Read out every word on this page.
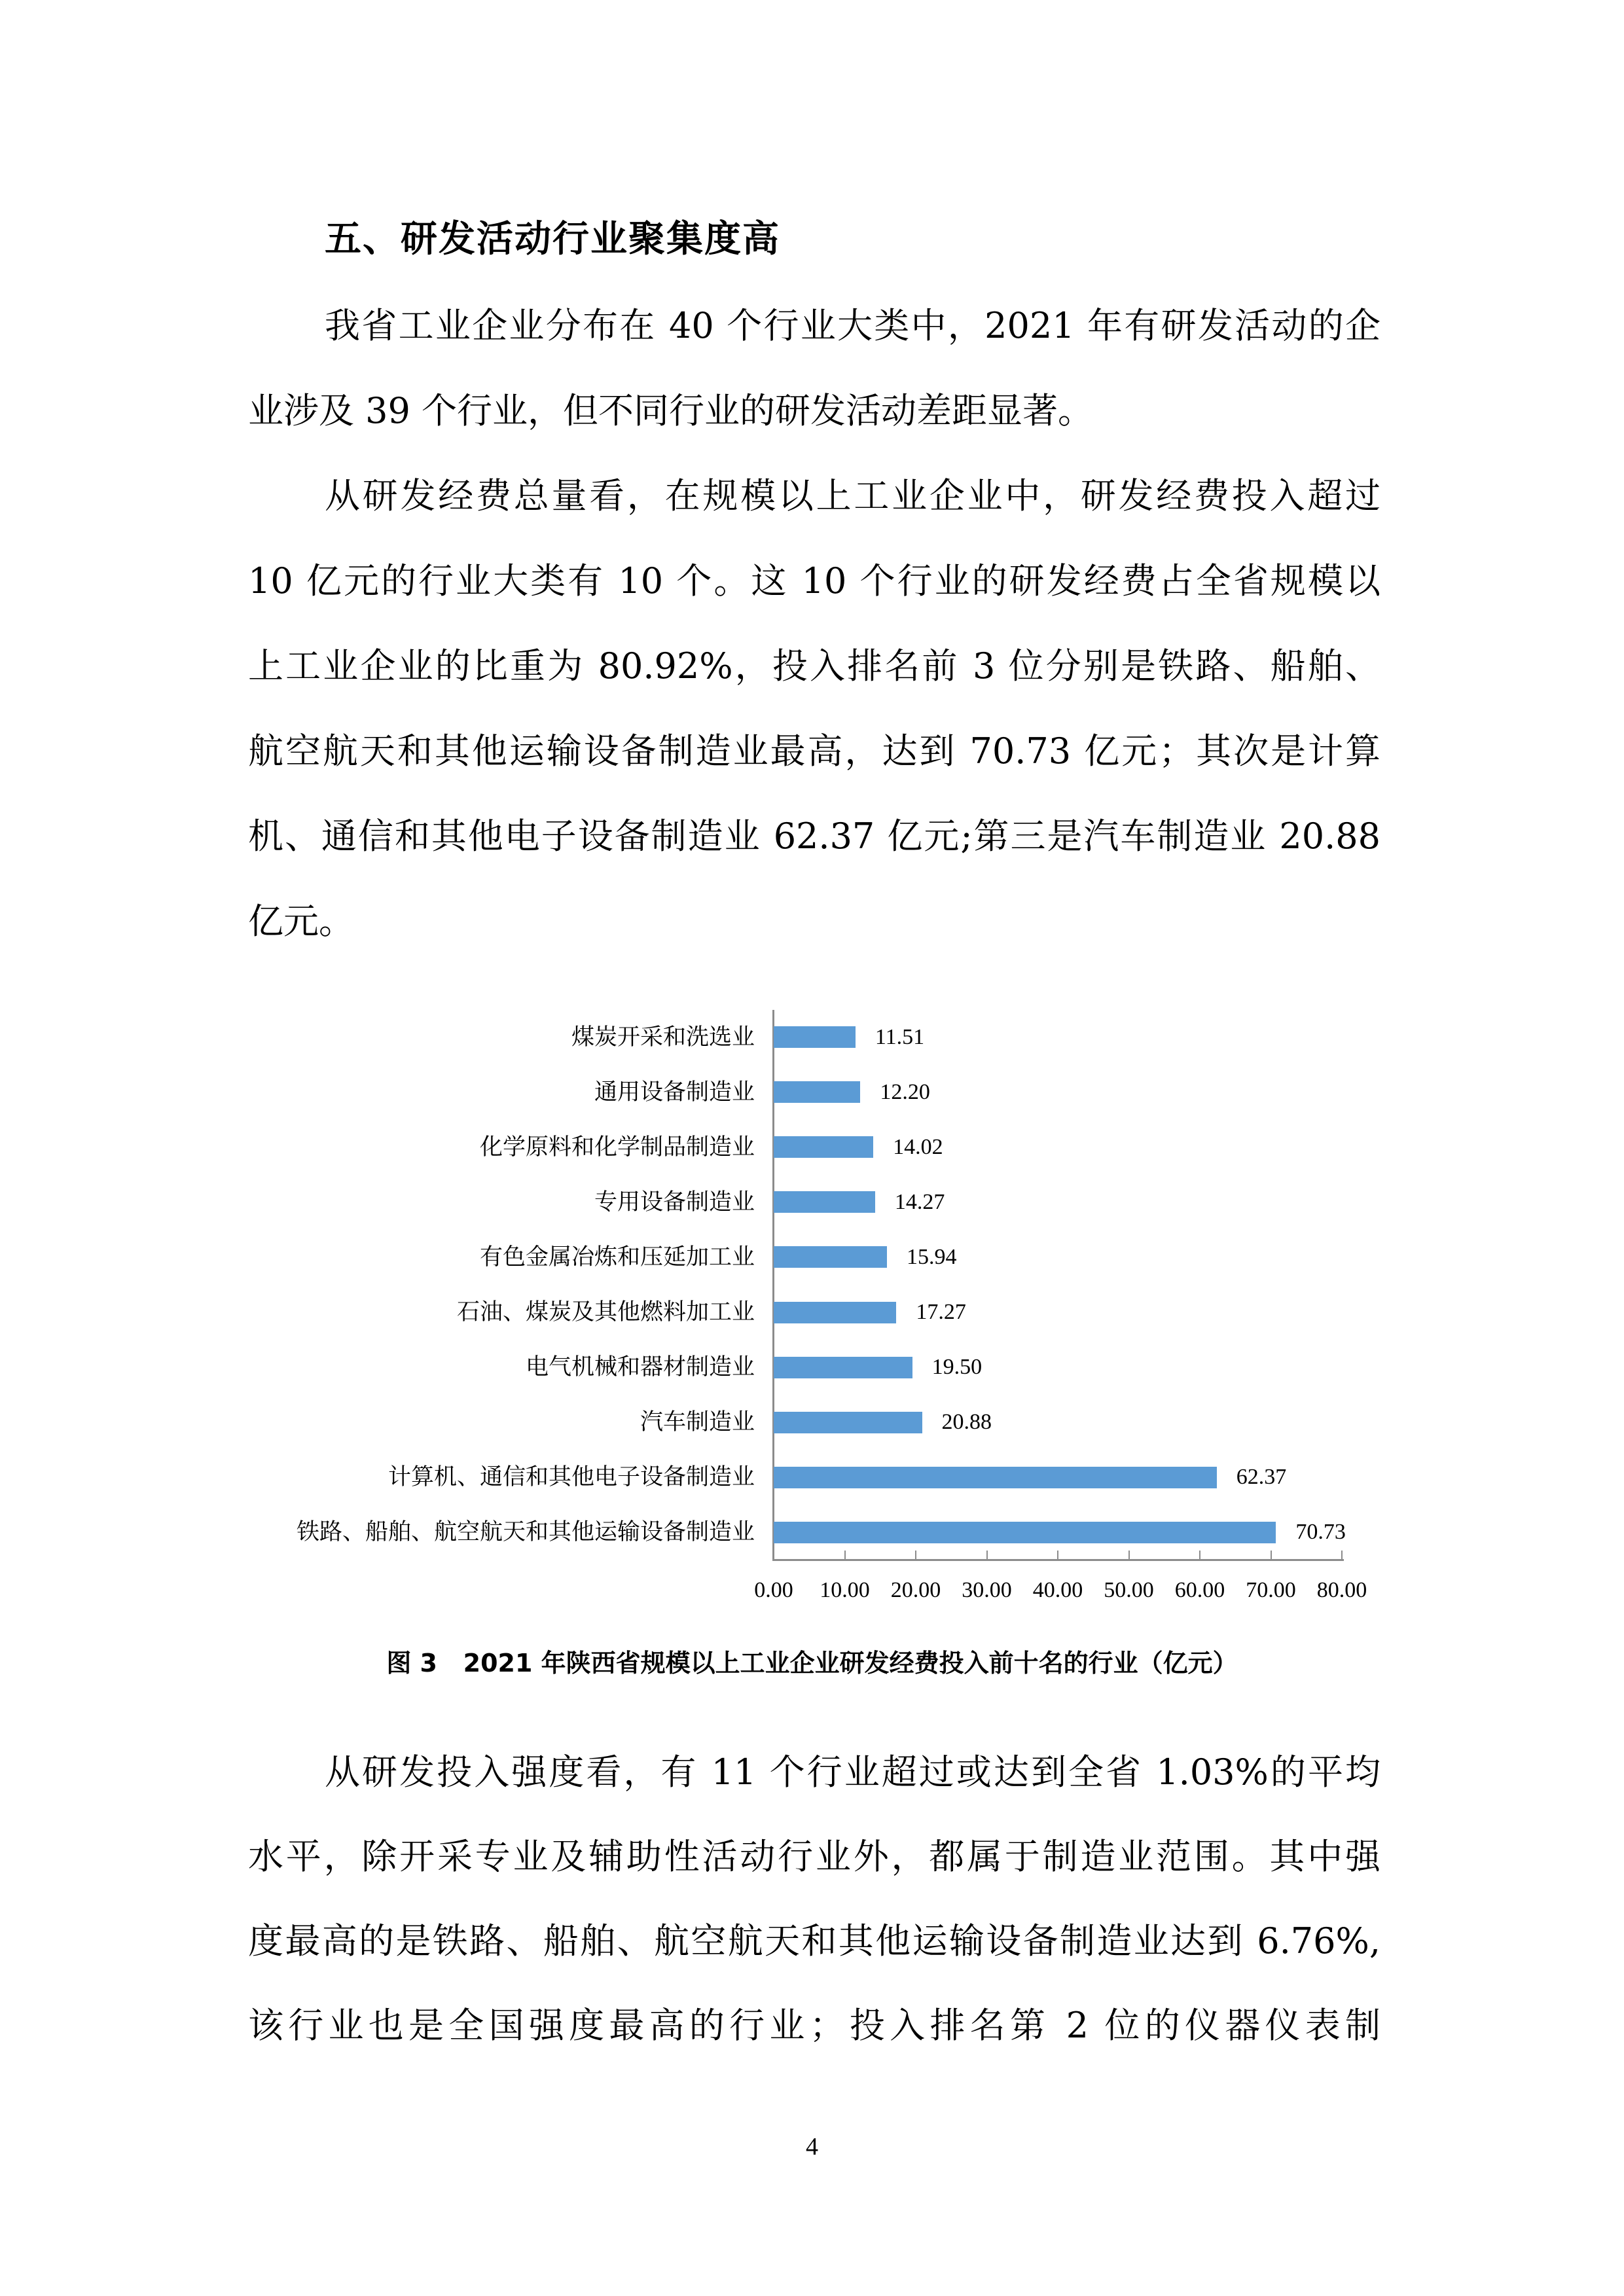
五、研发活动行业聚集度高
我省工业企业分布在 40 个行业大类中，2021 年有研发活动的企
业涉及 39 个行业，但不同行业的研发活动差距显著。
从研发经费总量看，在规模以上工业企业中，研发经费投入超过
10 亿元的行业大类有 10 个。这 10 个行业的研发经费占全省规模以
上工业企业的比重为 80.92%，投入排名前 3 位分别是铁路、船舶、
航空航天和其他运输设备制造业最高，达到 70.73 亿元；其次是计算
机、通信和其他电子设备制造业 62.37 亿元;第三是汽车制造业 20.88
亿元。
煤炭开采和洗选业	11.51
通用设备制造业	12.20
化学原料和化学制品制造业	14.02
专用设备制造业	14.27
有色金属冶炼和压延加工业	15.94
石油、煤炭及其他燃料加工业	17.27
电气机械和器材制造业	19.50
汽车制造业	20.88
计算机、通信和其他电子设备制造业	62.37
铁路、船舶、航空航天和其他运输设备制造业	70.73
0.00	10.00 20.00 30.00 40.00 50.00 60.00 70.00 80.00
图 3   2021 年陕西省规模以上工业企业研发经费投入前十名的行业（亿元）
从研发投入强度看，有 11 个行业超过或达到全省 1.03%的平均
水平，除开采专业及辅助性活动行业外，都属于制造业范围。其中强
度最高的是铁路、船舶、航空航天和其他运输设备制造业达到 6.76%,
该行业也是全国强度最高的行业；投入排名第 2 位的仪器仪表制
4
